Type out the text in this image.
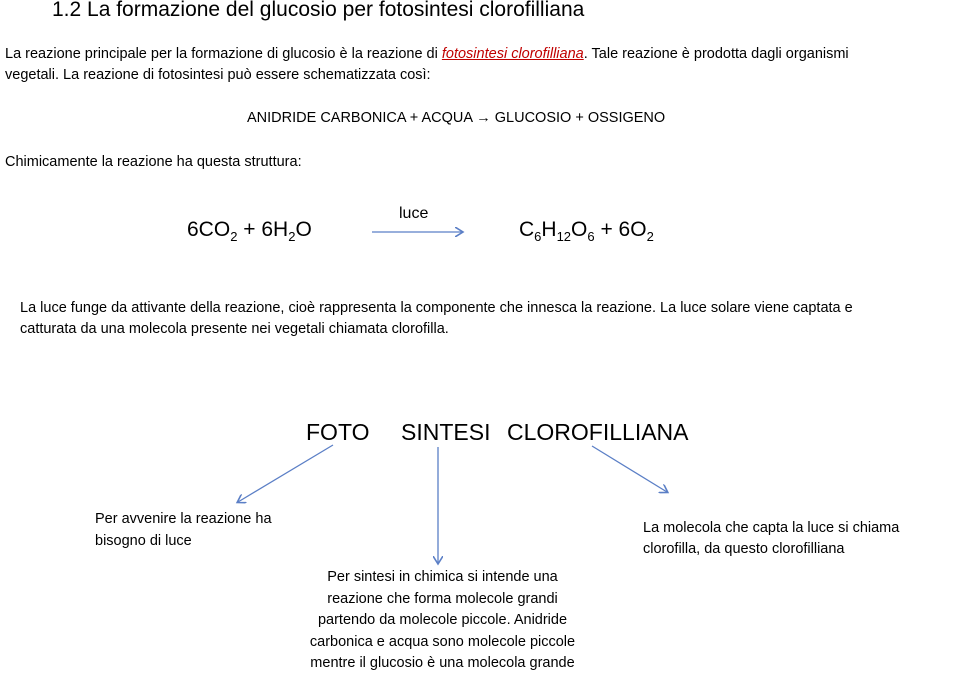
1.2 La formazione del glucosio per fotosintesi clorofilliana
La reazione principale per la formazione di glucosio è la reazione di fotosintesi clorofilliana. Tale reazione è prodotta dagli organismi
vegetali. La reazione di fotosintesi può essere schematizzata così:
ANIDRIDE CARBONICA + ACQUA → GLUCOSIO + OSSIGENO
Chimicamente la reazione ha questa struttura:
$6CO_2 + 6H_2O$
luce
$C_6H_{12}O_6 + 6O_2$
La luce funge da attivante della reazione, cioè rappresenta la componente che innesca la reazione. La luce solare viene captata e
catturata da una molecola presente nei vegetali chiamata clorofilla.
FOTO SINTESI CLOROFILLIANA
Per avvenire la reazione ha
bisogno di luce
Per sintesi in chimica si intende una
reazione che forma molecole grandi
partendo da molecole piccole. Anidride
carbonica e acqua sono molecole piccole
mentre il glucosio è una molecola grande
La molecola che capta la luce si chiama
clorofilla, da questo clorofilliana
